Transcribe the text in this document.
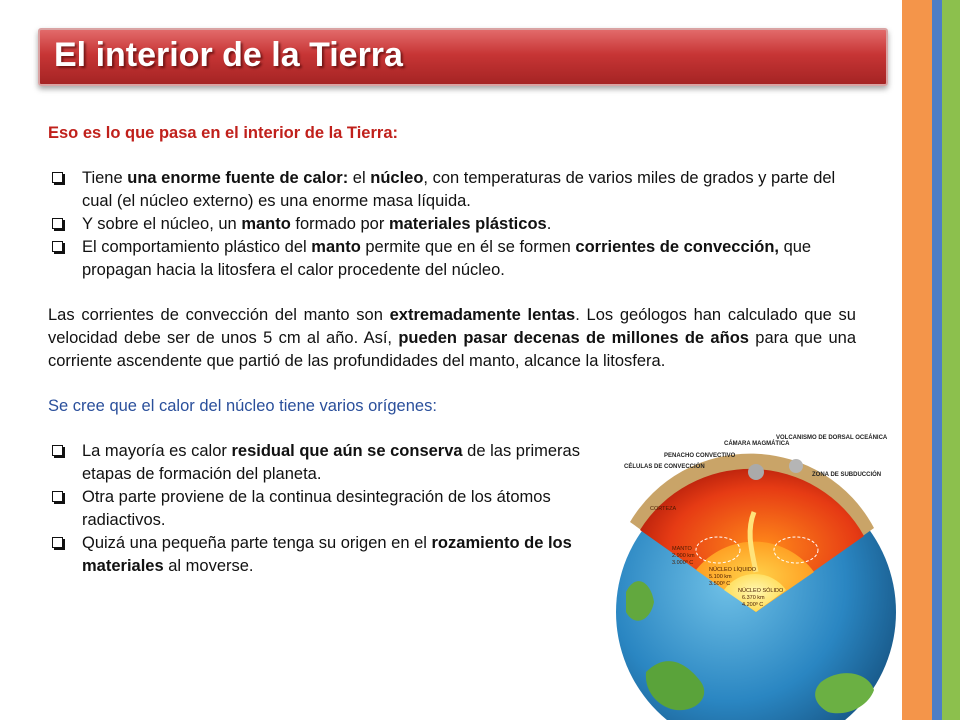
El interior de la Tierra

Eso es lo que pasa en el interior de la Tierra:

Tiene una enorme fuente de calor: el núcleo, con temperaturas de varios miles de grados y parte del cual (el núcleo externo) es una enorme masa líquida.
Y sobre el núcleo, un manto formado por materiales plásticos.
El comportamiento plástico del manto permite que en él se formen corrientes de convección, que propagan hacia la litosfera el calor procedente del núcleo.

Las corrientes de convección del manto son extremadamente lentas. Los geólogos han calculado que su velocidad debe ser de unos 5 cm al año. Así, pueden pasar decenas de millones de años para que una corriente ascendente que partió de las profundidades del manto, alcance la litosfera.

Se cree que el calor del núcleo tiene varios orígenes:

La mayoría es calor residual que aún se conserva de las primeras etapas de formación del planeta.
Otra parte proviene de la continua desintegración de los átomos radiactivos.
Quizá una pequeña parte tenga su origen en el rozamiento de los materiales al moverse.
CÁMARA MAGMÁTICA
VOLCANISMO DE DORSAL OCEÁNICA
PENACHO CONVECTIVO
CÉLULAS DE CONVECCIÓN
ZONA DE SUBDUCCIÓN
CORTEZA
MANTO
2.900 km
3.000º C
NÚCLEO LÍQUIDO
5.100 km
3.500º C
NÚCLEO SÓLIDO
6.370 km
4.200º C
